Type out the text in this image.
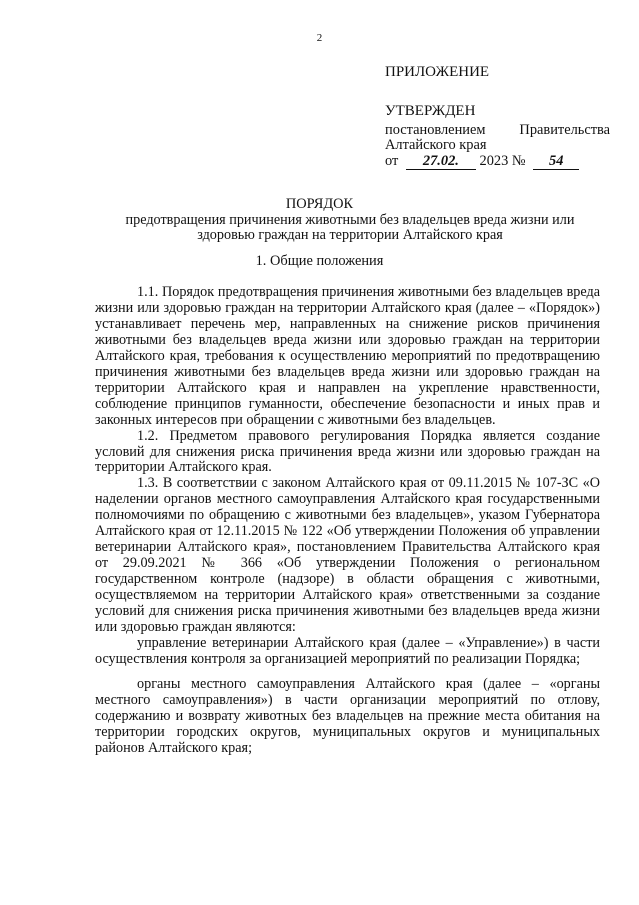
2
ПРИЛОЖЕНИЕ
УТВЕРЖДЕН
постановлением Правительства
Алтайского края
от 27.02. 2023 № 54
ПОРЯДОК
предотвращения причинения животными без владельцев вреда жизни или здоровью граждан на территории Алтайского края
1. Общие положения

1.1. Порядок предотвращения причинения животными без владельцев вреда жизни или здоровью граждан на территории Алтайского края (далее – «Порядок») устанавливает перечень мер, направленных на снижение рисков причинения животными без владельцев вреда жизни или здоровью граждан на территории Алтайского края, требования к осуществлению мероприятий по предотвращению причинения животными без владельцев вреда жизни или здоровью граждан на территории Алтайского края и направлен на укрепление нравственности, соблюдение принципов гуманности, обеспечение безопасности и иных прав и законных интересов при обращении с животными без владельцев.

1.2. Предметом правового регулирования Порядка является создание условий для снижения риска причинения вреда жизни или здоровью граждан на территории Алтайского края.

1.3. В соответствии с законом Алтайского края от 09.11.2015 № 107-ЗС «О наделении органов местного самоуправления Алтайского края государственными полномочиями по обращению с животными без владельцев», указом Губернатора Алтайского края от 12.11.2015 № 122 «Об утверждении Положения об управлении ветеринарии Алтайского края», постановлением Правительства Алтайского края от 29.09.2021 № 366 «Об утверждении Положения о региональном государственном контроле (надзоре) в области обращения с животными, осуществляемом на территории Алтайского края» ответственными за создание условий для снижения риска причинения животными без владельцев вреда жизни или здоровью граждан являются:

управление ветеринарии Алтайского края (далее – «Управление») в части осуществления контроля за организацией мероприятий по реализации Порядка;

органы местного самоуправления Алтайского края (далее – «органы местного самоуправления») в части организации мероприятий по отлову, содержанию и возврату животных без владельцев на прежние места обитания на территории городских округов, муниципальных округов и муниципальных районов Алтайского края;
